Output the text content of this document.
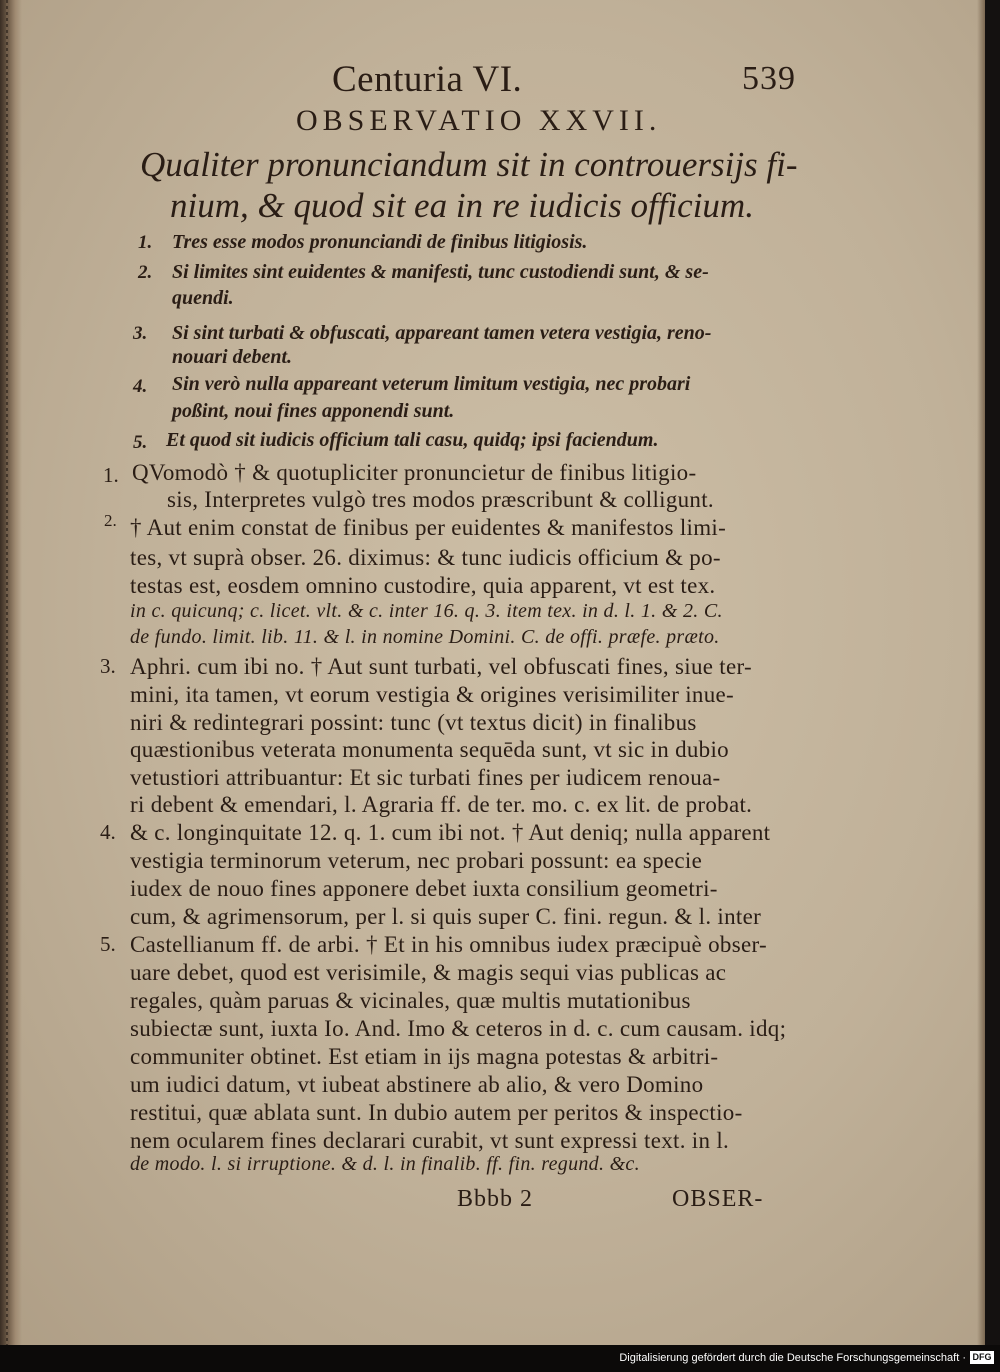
Centuria VI.	539
OBSERVATIO XXVII.
Qualiter pronunciandum sit in controuersijs fi-
nium, & quod sit ea in re iudicis officium.
1. Tres esse modos pronunciandi de finibus litigiosis.
2. Si limites sint euidentes & manifesti, tunc custodiendi sunt, & se-
quendi.
3. Si sint turbati & obfuscati, appareant tamen vetera vestigia, reno-
nouari debent.
4. Sin verò nulla appareant veterum limitum vestigia, nec probari
poßint, noui fines apponendi sunt.
5. Et quod sit iudicis officium tali casu, quidq; ipsi faciendum.
1.
2.
3.
4.
5.
QVomodò † & quotupliciter pronuncietur de finibus litigio-
sis, Interpretes vulgò tres modos præscribunt & colligunt.
† Aut enim constat de finibus per euidentes & manifestos limi-
tes, vt suprà obser. 26. diximus: & tunc iudicis officium & po-
testas est, eosdem omnino custodire, quia apparent, vt est tex.
in c. quicunq; c. licet. vlt. & c. inter 16. q. 3. item tex. in d. l. 1. & 2. C.
de fundo. limit. lib. 11. & l. in nomine Domini. C. de offi. præfe. præto.
Aphri. cum ibi no. † Aut sunt turbati, vel obfuscati fines, siue ter-
mini, ita tamen, vt eorum vestigia & origines verisimiliter inue-
niri & redintegrari possint: tunc (vt textus dicit) in finalibus
quæstionibus veterata monumenta sequēda sunt, vt sic in dubio
vetustiori attribuantur: Et sic turbati fines per iudicem renoua-
ri debent & emendari, l. Agraria ff. de ter. mo. c. ex lit. de probat.
& c. longinquitate 12. q. 1. cum ibi not. † Aut deniq; nulla apparent
vestigia terminorum veterum, nec probari possunt: ea specie
iudex de nouo fines apponere debet iuxta consilium geometri-
cum, & agrimensorum, per l. si quis super C. fini. regun. & l. inter
Castellianum ff. de arbi. † Et in his omnibus iudex præcipuè obser-
uare debet, quod est verisimile, & magis sequi vias publicas ac
regales, quàm paruas & vicinales, quæ multis mutationibus
subiectæ sunt, iuxta Io. And. Imo & ceteros in d. c. cum causam. idq;
communiter obtinet. Est etiam in ijs magna potestas & arbitri-
um iudici datum, vt iubeat abstinere ab alio, & vero Domino
restitui, quæ ablata sunt. In dubio autem per peritos & inspectio-
nem ocularem fines declarari curabit, vt sunt expressi text. in l.
de modo. l. si irruptione. & d. l. in finalib. ff. fin. regund. &c.
Bbbb 2	OBSER-
Digitalisierung gefördert durch die Deutsche Forschungsgemeinschaft · DFG
